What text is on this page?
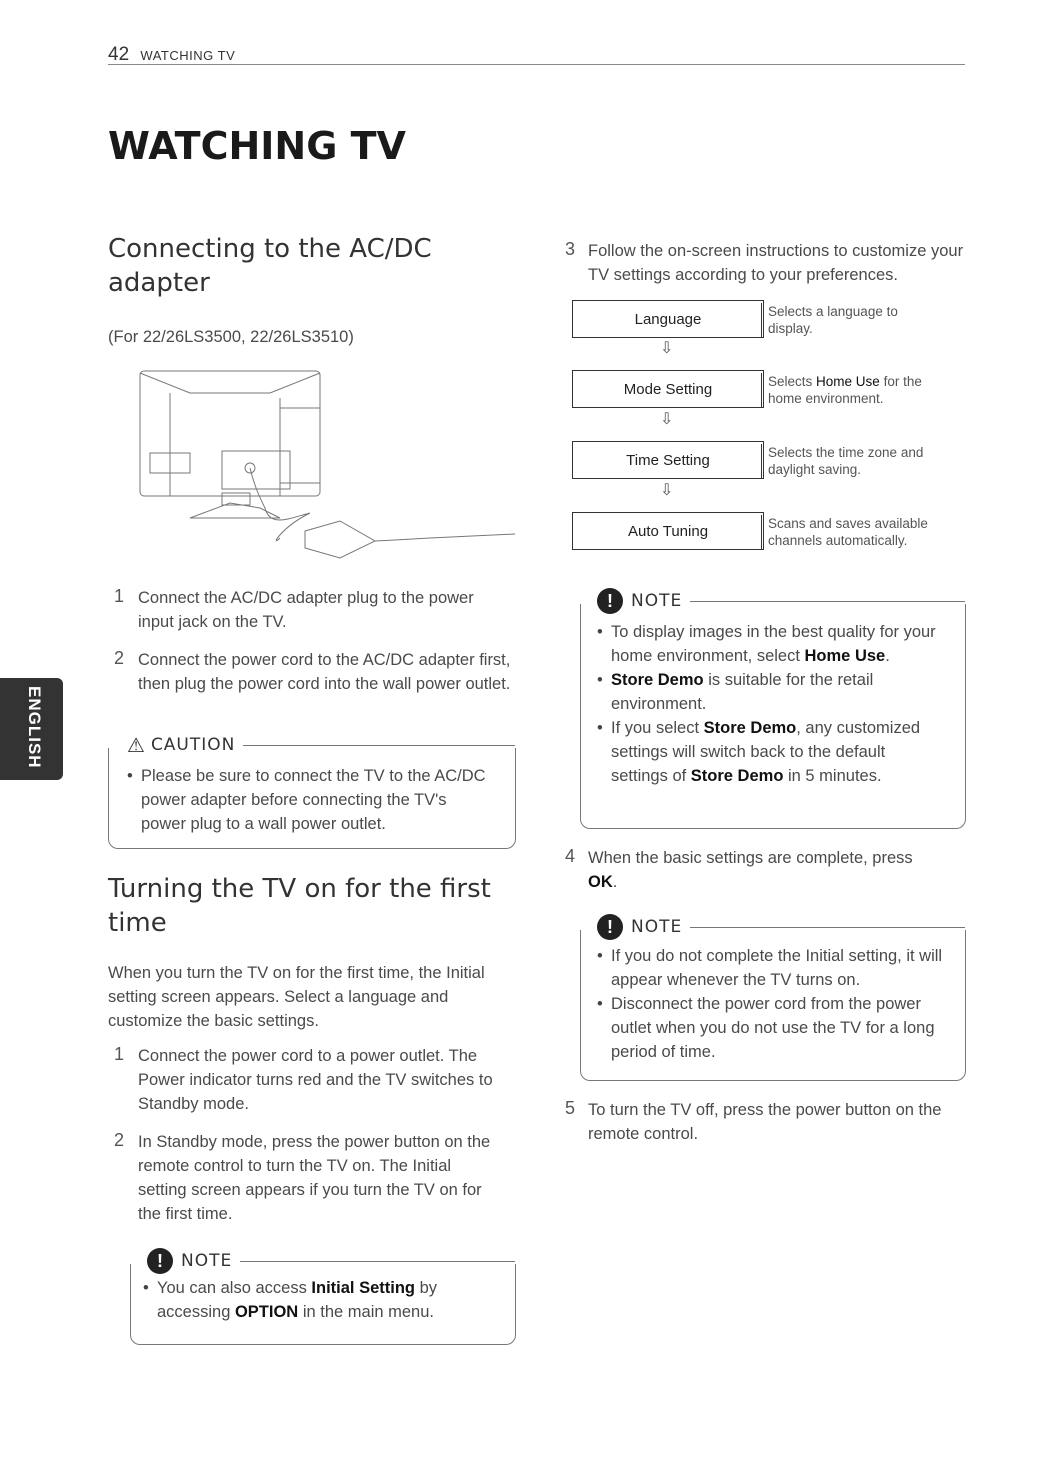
42 WATCHING TV
WATCHING TV
ENGLISH
Connecting to the AC/DC adapter
(For 22/26LS3500, 22/26LS3510)
1 Connect the AC/DC adapter plug to the power input jack on the TV.
2 Connect the power cord to the AC/DC adapter first, then plug the power cord into the wall power outlet.
⚠ CAUTION
• Please be sure to connect the TV to the AC/DC power adapter before connecting the TV's power plug to a wall power outlet.
Turning the TV on for the first time
When you turn the TV on for the first time, the Initial setting screen appears. Select a language and customize the basic settings.
1 Connect the power cord to a power outlet. The Power indicator turns red and the TV switches to Standby mode.
2 In Standby mode, press the power button on the remote control to turn the TV on. The Initial setting screen appears if you turn the TV on for the first time.
!	NOTE
• You can also access Initial Setting by accessing OPTION in the main menu.
3 Follow the on-screen instructions to customize your TV settings according to your preferences.
Language	Selects a language to display.
⇩
Mode Setting	Selects Home Use for the home environment.
⇩
Time Setting	Selects the time zone and daylight saving.
⇩
Auto Tuning	Scans and saves available channels automatically.
!	NOTE
• To display images in the best quality for your home environment, select Home Use.
• Store Demo is suitable for the retail environment.
• If you select Store Demo, any customized settings will switch back to the default settings of Store Demo in 5 minutes.
4 When the basic settings are complete, press OK.
!	NOTE
• If you do not complete the Initial setting, it will appear whenever the TV turns on.
• Disconnect the power cord from the power outlet when you do not use the TV for a long period of time.
5 To turn the TV off, press the power button on the remote control.
